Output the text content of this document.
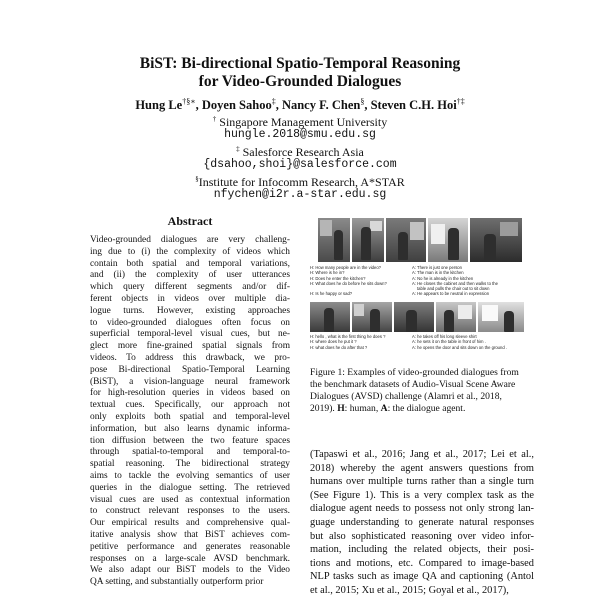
BiST: Bi-directional Spatio-Temporal Reasoning
for Video-Grounded Dialogues
Hung Le†§∗, Doyen Sahoo‡, Nancy F. Chen§, Steven C.H. Hoi†‡
† Singapore Management University
hungle.2018@smu.edu.sg
‡ Salesforce Research Asia
{dsahoo,shoi}@salesforce.com
§Institute for Infocomm Research, A*STAR
nfychen@i2r.a-star.edu.sg
Abstract
Video-grounded dialogues are very challeng-
ing due to (i) the complexity of videos which
contain both spatial and temporal variations,
and (ii) the complexity of user utterances
which query different segments and/or dif-
ferent objects in videos over multiple dia-
logue turns. However, existing approaches
to video-grounded dialogues often focus on
superficial temporal-level visual cues, but ne-
glect more fine-grained spatial signals from
videos. To address this drawback, we pro-
pose Bi-directional Spatio-Temporal Learning
(BiST), a vision-language neural framework
for high-resolution queries in videos based on
textual cues. Specifically, our approach not
only exploits both spatial and temporal-level
information, but also learns dynamic informa-
tion diffusion between the two feature spaces
through spatial-to-temporal and temporal-to-
spatial reasoning. The bidirectional strategy
aims to tackle the evolving semantics of user
queries in the dialogue setting. The retrieved
visual cues are used as contextual information
to construct relevant responses to the users.
Our empirical results and comprehensive qual-
itative analysis show that BiST achieves com-
petitive performance and generates reasonable
responses on a large-scale AVSD benchmark.
We also adapt our BiST models to the Video
QA setting, and substantially outperform prior
H: How many people are in the video?
H: Where is he in?
H: Does he enter the kitchen?
H: What does he do before he sits down?

H: Is he happy or sad?
A: There is just one person
A: The man is in the kitchen
A: No he is already in the kitchen
A: He closes the cabinet and then walks to the
table and pulls the chair out to sit down
A: He appears to be neutral in expression
H: hello , what is the first thing he does ?
H: where does he put it ?
H: what does he do after that ?
A: he takes off his long sleeve shirt
A: he sets it on the table in front of him .
A: he opens the door and sits down on the ground .
Figure 1: Examples of video-grounded dialogues from
the benchmark datasets of Audio-Visual Scene Aware
Dialogues (AVSD) challenge (Alamri et al., 2018,
2019). H: human, A: the dialogue agent.
(Tapaswi et al., 2016; Jang et al., 2017; Lei et al.,
2018) whereby the agent answers questions from
humans over multiple turns rather than a single turn
(See Figure 1). This is a very complex task as the
dialogue agent needs to possess not only strong lan-
guage understanding to generate natural responses
but also sophisticated reasoning over video infor-
mation, including the related objects, their posi-
tions and motions, etc. Compared to image-based
NLP tasks such as image QA and captioning (Antol
et al., 2015; Xu et al., 2015; Goyal et al., 2017),
